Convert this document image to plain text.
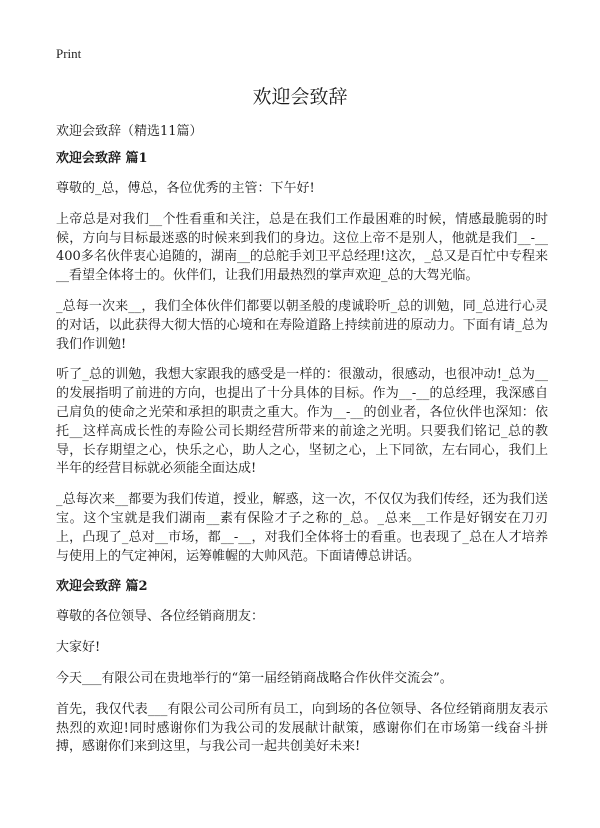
Print
欢迎会致辞

欢迎会致辞（精选11篇）

欢迎会致辞 篇1

尊敬的_总，傅总，各位优秀的主管：下午好!

上帝总是对我们__个性看重和关注，总是在我们工作最困难的时候，情感最脆弱的时候，方向与目标最迷惑的时候来到我们的身边。这位上帝不是别人，他就是我们__-__400多名伙伴衷心追随的，湖南__的总舵手刘卫平总经理!这次，_总又是百忙中专程来__看望全体将士的。伙伴们，让我们用最热烈的掌声欢迎_总的大驾光临。

_总每一次来__，我们全体伙伴们都要以朝圣般的虔诚聆听_总的训勉，同_总进行心灵的对话，以此获得大彻大悟的心境和在寿险道路上持续前进的原动力。下面有请_总为我们作训勉!

听了_总的训勉，我想大家跟我的感受是一样的：很激动，很感动，也很冲动!_总为__的发展指明了前进的方向，也提出了十分具体的目标。作为__-__的总经理，我深感自己肩负的使命之光荣和承担的职责之重大。作为__-__的创业者，各位伙伴也深知：依托__这样高成长性的寿险公司长期经营所带来的前途之光明。只要我们铭记_总的教导，长存期望之心，快乐之心，助人之心，坚韧之心，上下同欲，左右同心，我们上半年的经营目标就必须能全面达成!

_总每次来__都要为我们传道，授业，解惑，这一次，不仅仅为我们传经，还为我们送宝。这个宝就是我们湖南__素有保险才子之称的_总。_总来__工作是好钢安在刀刃上，凸现了_总对__市场，都__-__，对我们全体将士的看重。也表现了_总在人才培养与使用上的气定神闲，运筹帷幄的大帅风范。下面请傅总讲话。

欢迎会致辞 篇2

尊敬的各位领导、各位经销商朋友：

大家好!

今天___有限公司在贵地举行的“第一届经销商战略合作伙伴交流会”。

首先，我仅代表___有限公司公司所有员工，向到场的各位领导、各位经销商朋友表示热烈的欢迎!同时感谢你们为我公司的发展献计献策，感谢你们在市场第一线奋斗拼搏，感谢你们来到这里，与我公司一起共创美好未来!
